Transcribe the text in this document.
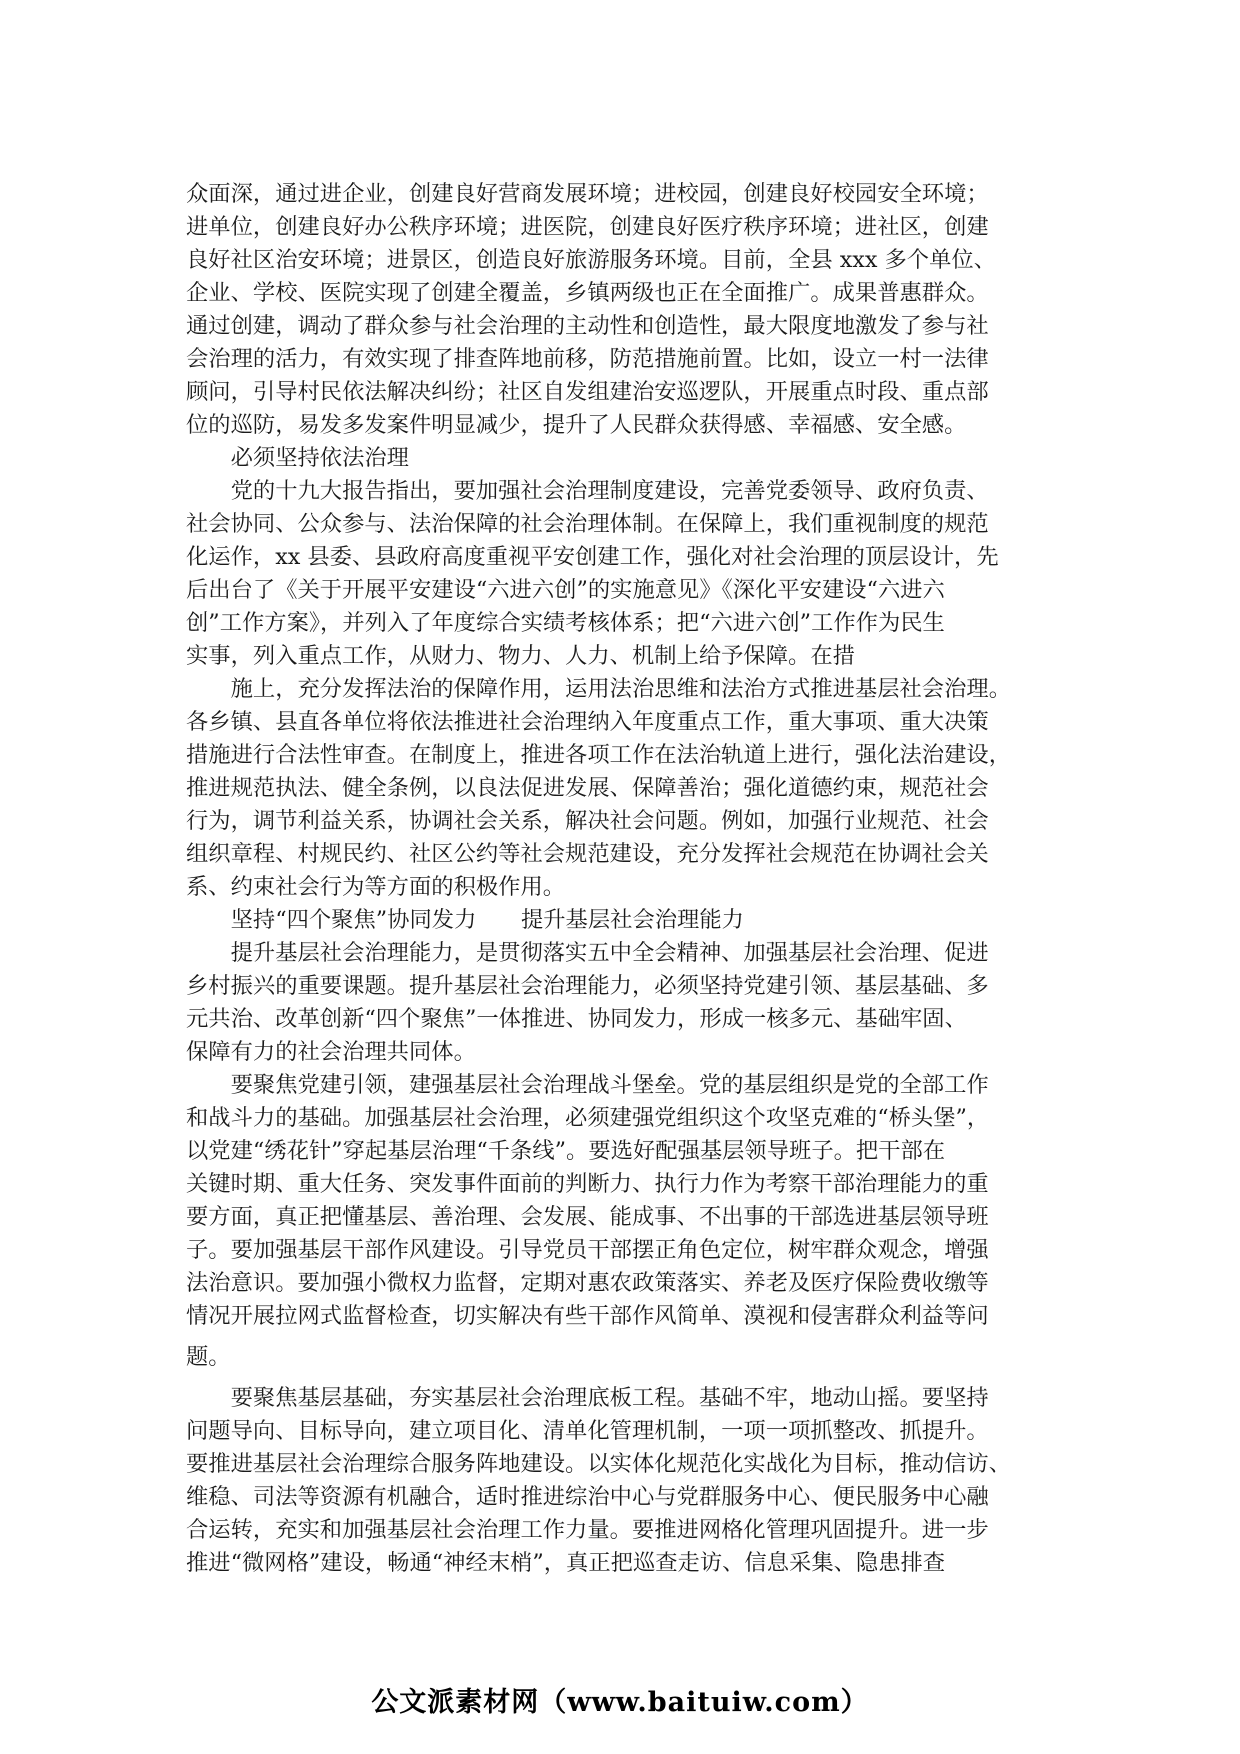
众面深，通过进企业，创建良好营商发展环境；进校园，创建良好校园安全环境；
进单位，创建良好办公秩序环境；进医院，创建良好医疗秩序环境；进社区，创建
良好社区治安环境；进景区，创造良好旅游服务环境。目前，全县 xxx 多个单位、
企业、学校、医院实现了创建全覆盖，乡镇两级也正在全面推广。成果普惠群众。
通过创建，调动了群众参与社会治理的主动性和创造性，最大限度地激发了参与社
会治理的活力，有效实现了排查阵地前移，防范措施前置。比如，设立一村一法律
顾问，引导村民依法解决纠纷；社区自发组建治安巡逻队，开展重点时段、重点部
位的巡防，易发多发案件明显减少，提升了人民群众获得感、幸福感、安全感。
　　必须坚持依法治理
　　党的十九大报告指出，要加强社会治理制度建设，完善党委领导、政府负责、
社会协同、公众参与、法治保障的社会治理体制。在保障上，我们重视制度的规范
化运作，xx 县委、县政府高度重视平安创建工作，强化对社会治理的顶层设计，先
后出台了《关于开展平安建设“六进六创”的实施意见》《深化平安建设“六进六
创”工作方案》，并列入了年度综合实绩考核体系；把“六进六创”工作作为民生
实事，列入重点工作，从财力、物力、人力、机制上给予保障。在措
　　施上，充分发挥法治的保障作用，运用法治思维和法治方式推进基层社会治理。
各乡镇、县直各单位将依法推进社会治理纳入年度重点工作，重大事项、重大决策
措施进行合法性审查。在制度上，推进各项工作在法治轨道上进行，强化法治建设，
推进规范执法、健全条例，以良法促进发展、保障善治；强化道德约束，规范社会
行为，调节利益关系，协调社会关系，解决社会问题。例如，加强行业规范、社会
组织章程、村规民约、社区公约等社会规范建设，充分发挥社会规范在协调社会关
系、约束社会行为等方面的积极作用。
　　坚持“四个聚焦”协同发力　　提升基层社会治理能力
　　提升基层社会治理能力，是贯彻落实五中全会精神、加强基层社会治理、促进
乡村振兴的重要课题。提升基层社会治理能力，必须坚持党建引领、基层基础、多
元共治、改革创新“四个聚焦”一体推进、协同发力，形成一核多元、基础牢固、
保障有力的社会治理共同体。
　　要聚焦党建引领，建强基层社会治理战斗堡垒。党的基层组织是党的全部工作
和战斗力的基础。加强基层社会治理，必须建强党组织这个攻坚克难的“桥头堡”，
以党建“绣花针”穿起基层治理“千条线”。要选好配强基层领导班子。把干部在
关键时期、重大任务、突发事件面前的判断力、执行力作为考察干部治理能力的重
要方面，真正把懂基层、善治理、会发展、能成事、不出事的干部选进基层领导班
子。要加强基层干部作风建设。引导党员干部摆正角色定位，树牢群众观念，增强
法治意识。要加强小微权力监督，定期对惠农政策落实、养老及医疗保险费收缴等
情况开展拉网式监督检查，切实解决有些干部作风简单、漠视和侵害群众利益等问
题。
　　要聚焦基层基础，夯实基层社会治理底板工程。基础不牢，地动山摇。要坚持
问题导向、目标导向，建立项目化、清单化管理机制，一项一项抓整改、抓提升。
要推进基层社会治理综合服务阵地建设。以实体化规范化实战化为目标，推动信访、
维稳、司法等资源有机融合，适时推进综治中心与党群服务中心、便民服务中心融
合运转，充实和加强基层社会治理工作力量。要推进网格化管理巩固提升。进一步
推进“微网格”建设，畅通“神经末梢”，真正把巡查走访、信息采集、隐患排查
公文派素材网（www.baituiw.com）
